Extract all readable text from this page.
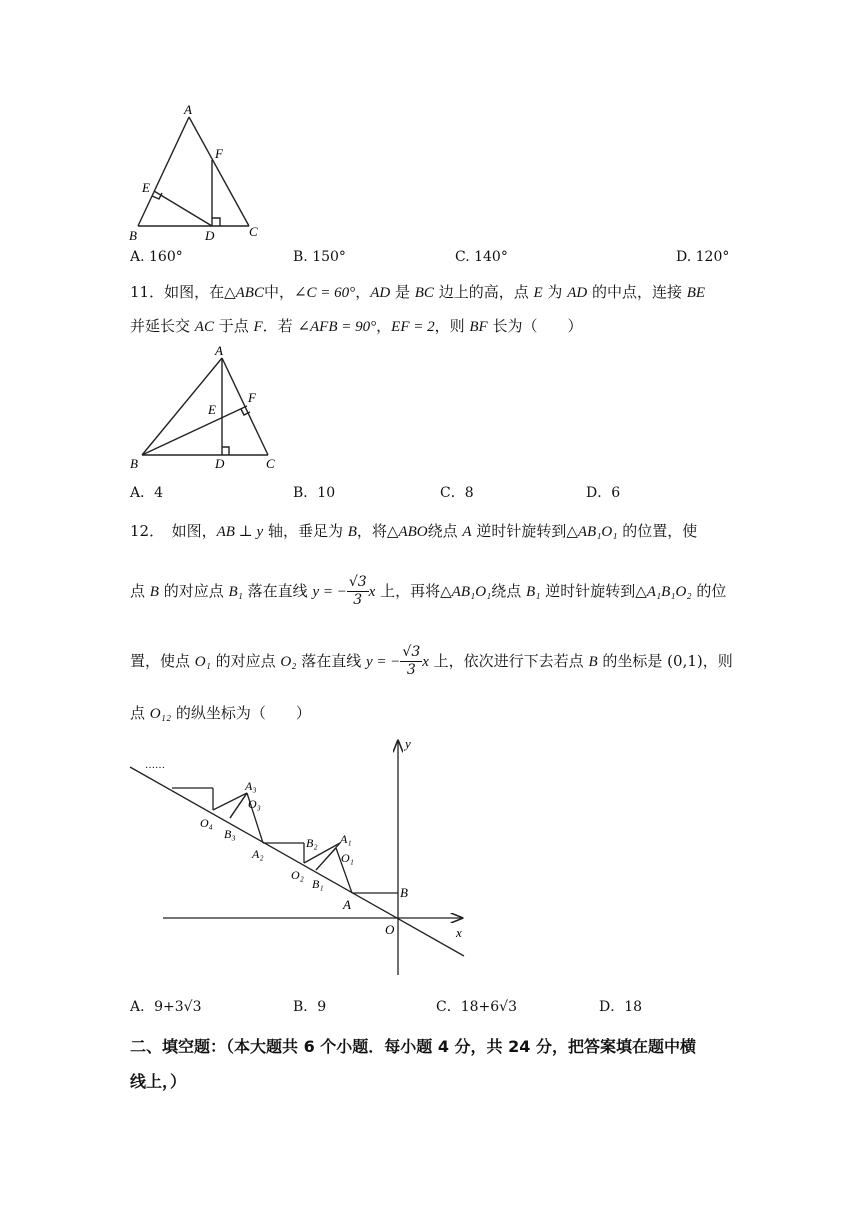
A
B	C
D
E
F
A. 160°	B. 150°	C. 140°	D. 120°
11．如图，在△ABC中，∠C = 60°，AD 是 BC 边上的高，点 E 为 AD 的中点，连接 BE
并延长交 AC 于点 F．若 ∠AFB = 90°，EF = 2，则 BF 长为（　　）
A
B	C
D
E
F
A．4	B．10	C．8	D．6
12．　如图，AB ⊥ y 轴，垂足为 B，将△ABO绕点 A 逆时针旋转到△AB₁O₁ 的位置，使
点 B 的对应点 B₁ 落在直线 y = − $\frac{√3}{3}$ x 上，再将△AB₁O₁绕点 B₁ 逆时针旋转到△A₁B₁O₂ 的位
置，使点 O₁ 的对应点 O₂ 落在直线 y = − $\frac{√3}{3}$ x 上，依次进行下去若点 B 的坐标是 (0,1)，则
点 O₁₂ 的纵坐标为（　　）
y
x
O
A
B
A₁
B₁
O₁
A₂
B₂
O₂
A₃
B₃
O₃
O₄
……
A．9+3√3	B．9	C．18+6√3	D．18
二、填空题：（本大题共 6 个小题．每小题 4 分，共 24 分，把答案填在题中横
线上，）
